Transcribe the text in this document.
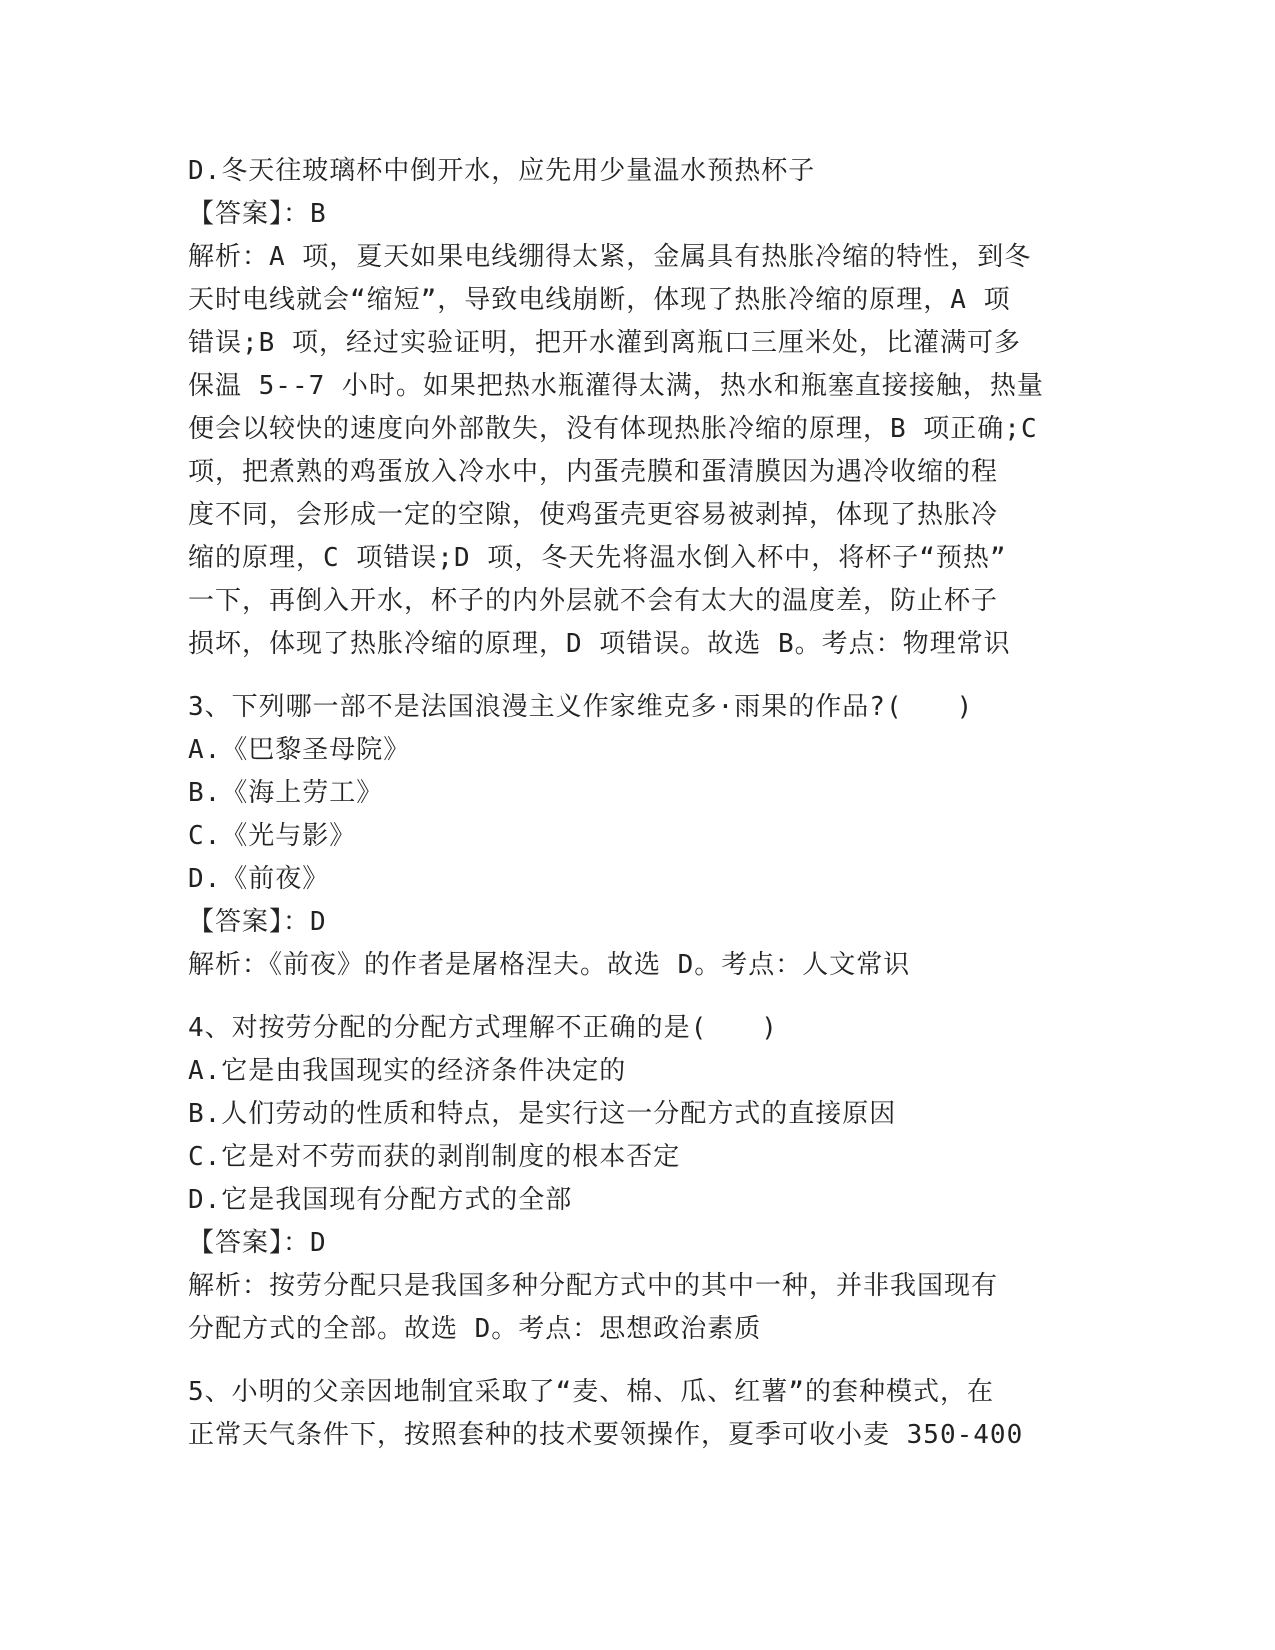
D.冬天往玻璃杯中倒开水，应先用少量温水预热杯子
【答案】：B
解析：A 项，夏天如果电线绷得太紧，金属具有热胀冷缩的特性，到冬
天时电线就会“缩短”，导致电线崩断，体现了热胀冷缩的原理，A 项
错误;B 项，经过实验证明，把开水灌到离瓶口三厘米处，比灌满可多
保温 5--7 小时。如果把热水瓶灌得太满，热水和瓶塞直接接触，热量
便会以较快的速度向外部散失，没有体现热胀冷缩的原理，B 项正确;C
项，把煮熟的鸡蛋放入冷水中，内蛋壳膜和蛋清膜因为遇冷收缩的程
度不同，会形成一定的空隙，使鸡蛋壳更容易被剥掉，体现了热胀冷
缩的原理，C 项错误;D 项，冬天先将温水倒入杯中，将杯子“预热”
一下，再倒入开水，杯子的内外层就不会有太大的温度差，防止杯子
损坏，体现了热胀冷缩的原理，D 项错误。故选 B。考点：物理常识
3、下列哪一部不是法国浪漫主义作家维克多·雨果的作品?(　　)
A.《巴黎圣母院》
B.《海上劳工》
C.《光与影》
D.《前夜》
【答案】：D
解析：《前夜》的作者是屠格涅夫。故选 D。考点：人文常识
4、对按劳分配的分配方式理解不正确的是(　　)
A.它是由我国现实的经济条件决定的
B.人们劳动的性质和特点，是实行这一分配方式的直接原因
C.它是对不劳而获的剥削制度的根本否定
D.它是我国现有分配方式的全部
【答案】：D
解析：按劳分配只是我国多种分配方式中的其中一种，并非我国现有
分配方式的全部。故选 D。考点：思想政治素质
5、小明的父亲因地制宜采取了“麦、棉、瓜、红薯”的套种模式，在
正常天气条件下，按照套种的技术要领操作，夏季可收小麦 350-400
